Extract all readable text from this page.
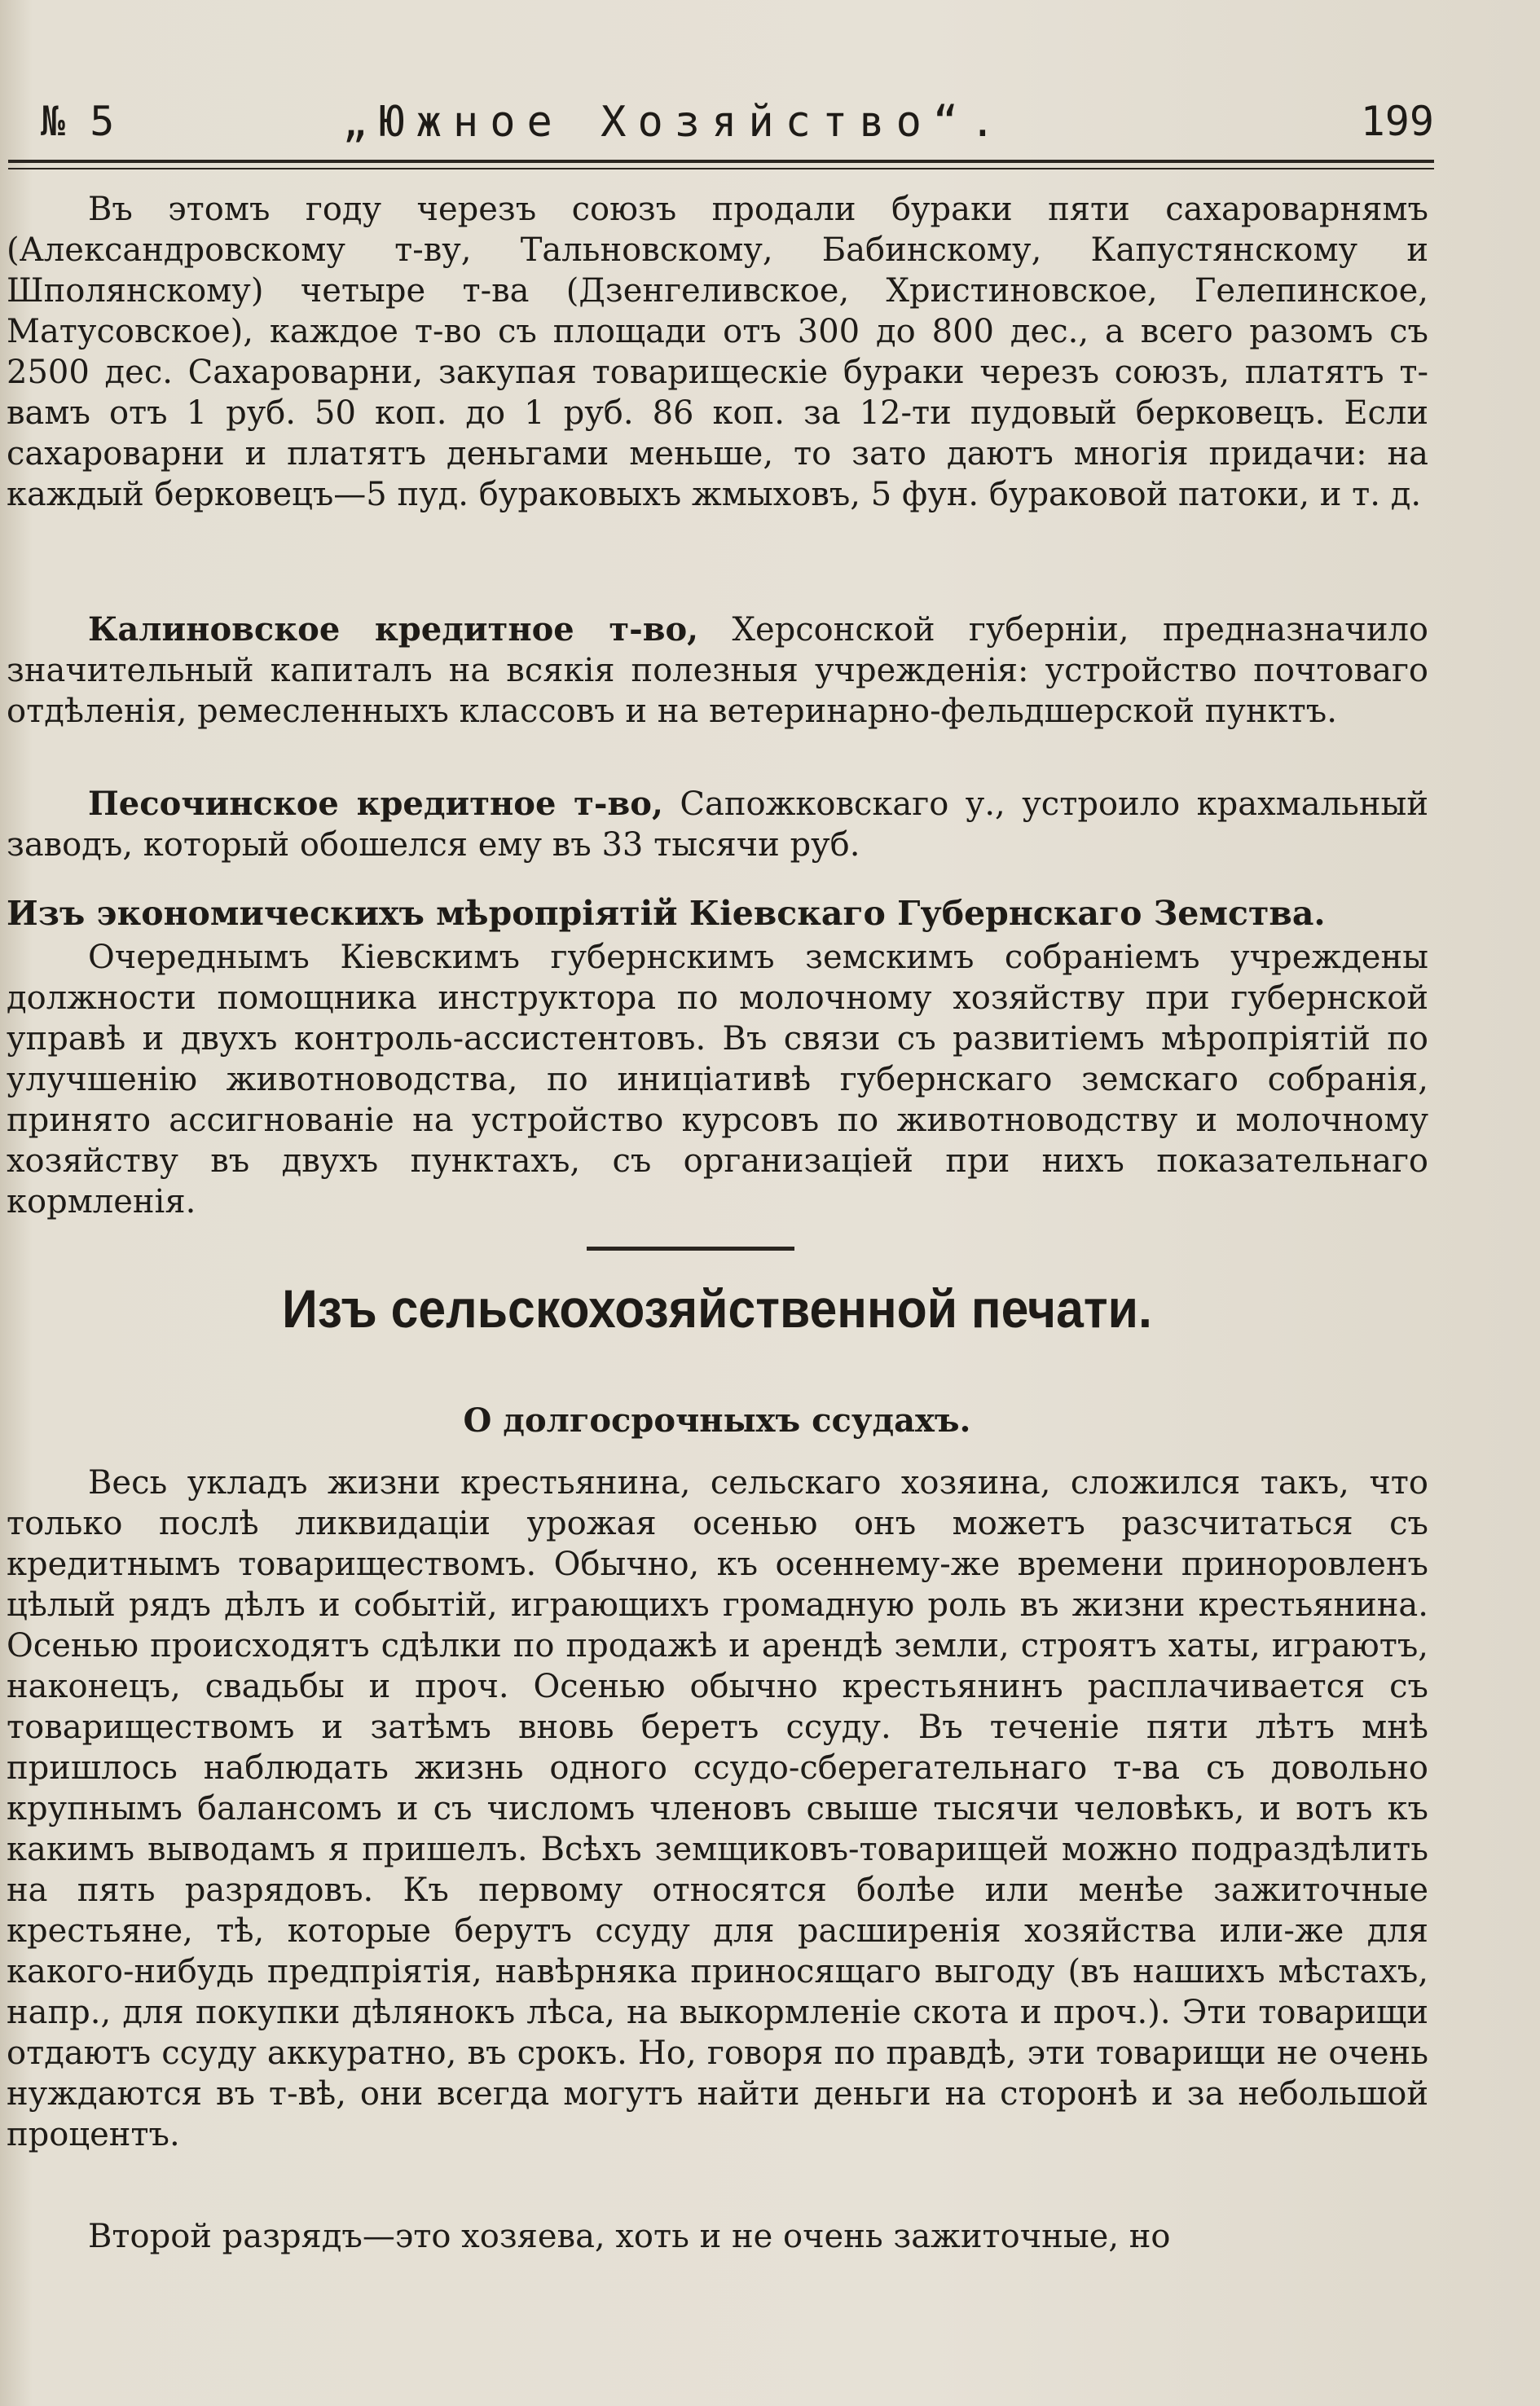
№ 5	„Южное Хозяйство“.	199

Въ этомъ году черезъ союзъ продали бураки пяти сахароварнямъ (Александровскому т-ву, Тальновскому, Бабинскому, Капустянскому и Шполянскому) четыре т-ва (Дзенгеливское, Христиновское, Гелепинское, Матусовское), каждое т-во съ площади отъ 300 до 800 дес., а всего разомъ съ 2500 дес. Сахароварни, закупая товарищескіе бураки черезъ союзъ, платятъ т-вамъ отъ 1 руб. 50 коп. до 1 руб. 86 коп. за 12-ти пудовый берковецъ. Если сахароварни и платятъ деньгами меньше, то зато даютъ многія придачи: на каждый берковецъ—5 пуд. бураковыхъ жмыховъ, 5 фун. бураковой патоки, и т. д.

Калиновское кредитное т-во, Херсонской губерніи, предназначило значительный капиталъ на всякія полезныя учрежденія: устройство почтоваго отдѣленія, ремесленныхъ классовъ и на ветеринарно-фельдшерской пунктъ.

Песочинское кредитное т-во, Сапожковскаго у., устроило крахмальный заводъ, который обошелся ему въ 33 тысячи руб.

Изъ экономическихъ мѣропріятій Кіевскаго Губернскаго Земства.

Очереднымъ Кіевскимъ губернскимъ земскимъ собраніемъ учреждены должности помощника инструктора по молочному хозяйству при губернской управѣ и двухъ контроль-ассистентовъ. Въ связи съ развитіемъ мѣропріятій по улучшенію животноводства, по иниціативѣ губернскаго земскаго собранія, принято ассигнованіе на устройство курсовъ по животноводству и молочному хозяйству въ двухъ пунктахъ, съ организаціей при нихъ показательнаго кормленія.

Изъ сельскохозяйственной печати.
О долгосрочныхъ ссудахъ.

Весь укладъ жизни крестьянина, сельскаго хозяина, сложился такъ, что только послѣ ликвидаціи урожая осенью онъ можетъ разсчитаться съ кредитнымъ товариществомъ. Обычно, къ осеннему-же времени приноровленъ цѣлый рядъ дѣлъ и событій, играющихъ громадную роль въ жизни крестьянина. Осенью происходятъ сдѣлки по продажѣ и арендѣ земли, строятъ хаты, играютъ, наконецъ, свадьбы и проч. Осенью обычно крестьянинъ расплачивается съ товариществомъ и затѣмъ вновь беретъ ссуду. Въ теченіе пяти лѣтъ мнѣ пришлось наблюдать жизнь одного ссудо-сберегательнаго т-ва съ довольно крупнымъ балансомъ и съ числомъ членовъ свыше тысячи человѣкъ, и вотъ къ какимъ выводамъ я пришелъ. Всѣхъ земщиковъ-товарищей можно подраздѣлить на пять разрядовъ. Къ первому относятся болѣе или менѣе зажиточные крестьяне, тѣ, которые берутъ ссуду для расширенія хозяйства или-же для какого-нибудь предпріятія, навѣрняка приносящаго выгоду (въ нашихъ мѣстахъ, напр., для покупки дѣлянокъ лѣса, на выкормленіе скота и проч.). Эти товарищи отдаютъ ссуду аккуратно, въ срокъ. Но, говоря по правдѣ, эти товарищи не очень нуждаются въ т-вѣ, они всегда могутъ найти деньги на сторонѣ и за небольшой процентъ.

Второй разрядъ—это хозяева, хоть и не очень зажиточные, но
